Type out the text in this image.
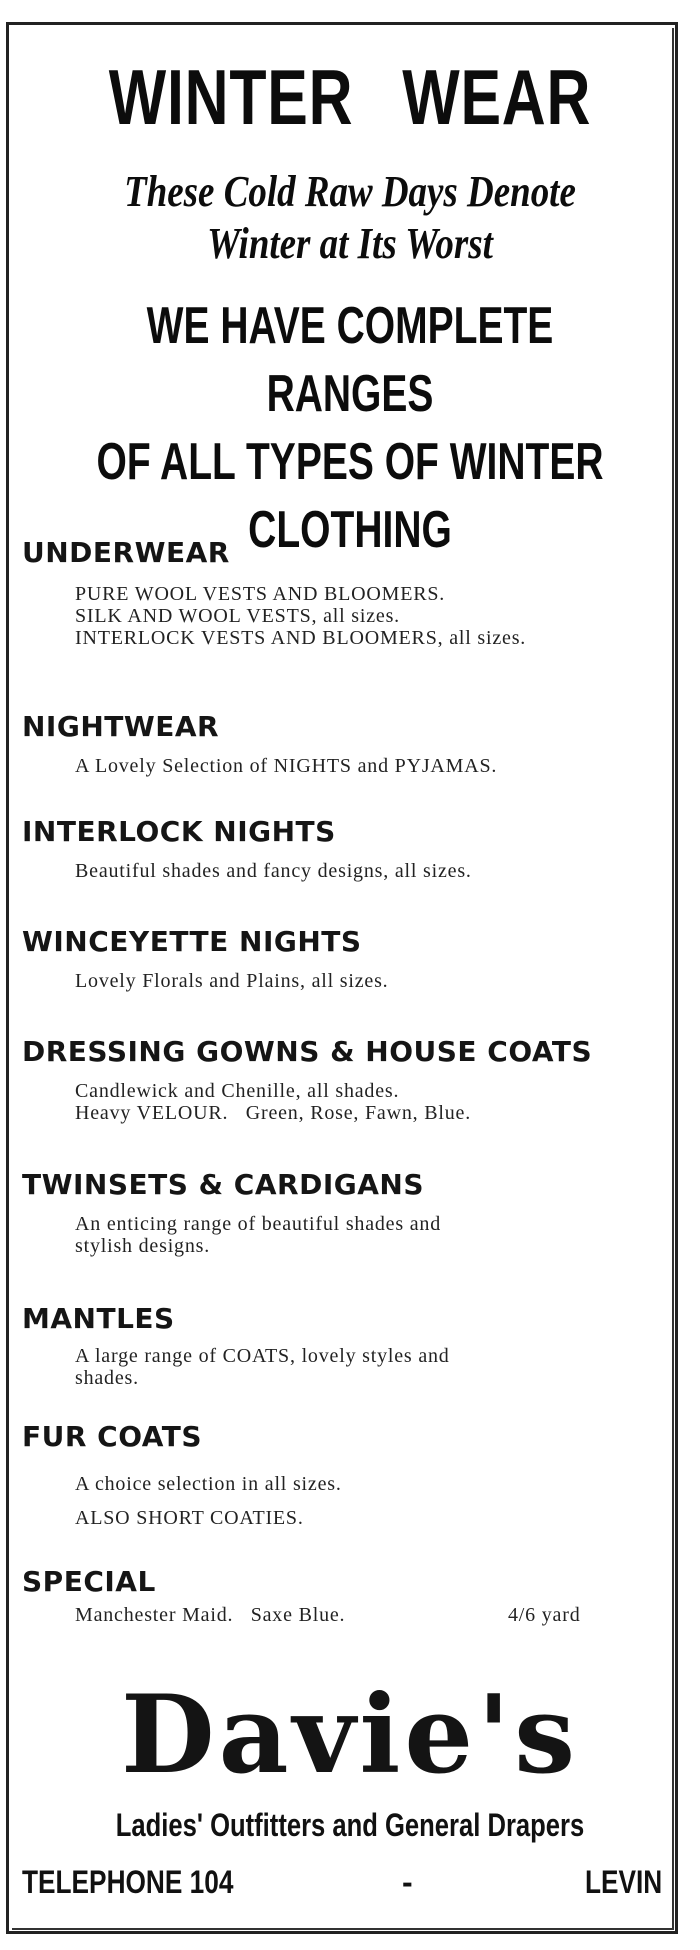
WINTER WEAR
These Cold Raw Days Denote
Winter at Its Worst
WE HAVE COMPLETE RANGES
OF ALL TYPES OF WINTER
CLOTHING
UNDERWEAR
PURE WOOL VESTS AND BLOOMERS.
SILK AND WOOL VESTS, all sizes.
INTERLOCK VESTS AND BLOOMERS, all sizes.
NIGHTWEAR
A Lovely Selection of NIGHTS and PYJAMAS.
INTERLOCK NIGHTS
Beautiful shades and fancy designs, all sizes.
WINCEYETTE NIGHTS
Lovely Florals and Plains, all sizes.
DRESSING GOWNS & HOUSE COATS
Candlewick and Chenille, all shades.
Heavy VELOUR.   Green, Rose, Fawn, Blue.
TWINSETS & CARDIGANS
An enticing range of beautiful shades and
stylish designs.
MANTLES
A large range of COATS, lovely styles and
shades.
FUR COATS
A choice selection in all sizes.
ALSO SHORT COATIES.
SPECIAL
Manchester Maid.   Saxe Blue.	4/6 yard
Davie's
Ladies' Outfitters and General Drapers
TELEPHONE 104	-	LEVIN
